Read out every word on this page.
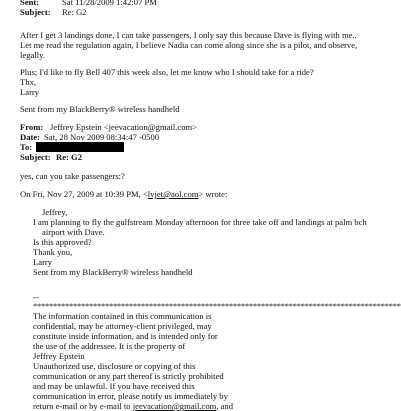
Sent:	Sat 11/28/2009 1:42:07 PM
Subject: Re: G2
After I get 3 landings done, I can take passengers, I only say this because Dave is flying with me..
Let me read the regulation again, I believe Nadia can come along since she is a pilot, and observe,
legally.
Plus; I'd like to fly Bell 407 this week also, let me know who I should take for a ride?
Thx,
Larry
Sent from my BlackBerry® wireless handheld
From: Jeffrey Epstein <jeevacation@gmail.com>
Date: Sat, 28 Nov 2009 08:34:47 -0500
To:
Subject: Re: G2
yes, can you take passengers:?
On Fri, Nov 27, 2009 at 10:39 PM, <lvjet@aol.com> wrote:
Jeffrey,
I am planning to fly the gulfstream Monday afternoon for three take off and landings at palm bch
airport with Dave.
Is this approved?
Thank you,
Larry
Sent from my BlackBerry® wireless handheld
--
********************************************************************************************
The information contained in this communication is
confidential, may be attorney-client privileged, may
constitute inside information, and is intended only for
the use of the addressee. It is the property of
Jeffrey Epstein
Unauthorized use, disclosure or copying of this
communication or any part thereof is strictly prohibited
and may be unlawful. If you have received this
communication in error, please notify us immediately by
return e-mail or by e-mail to jeevacation@gmail.com, and
